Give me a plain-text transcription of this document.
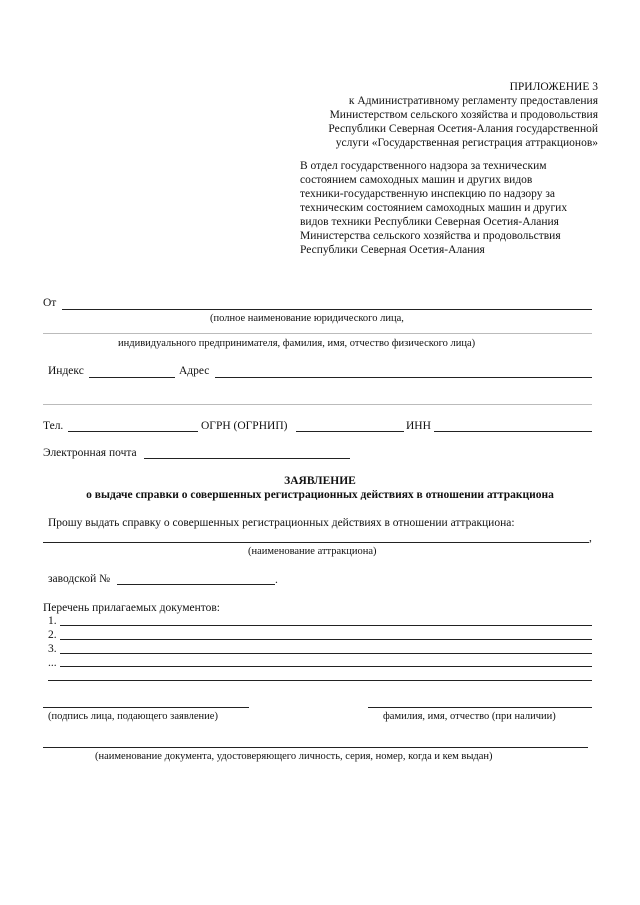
ПРИЛОЖЕНИЕ 3
к Административному регламенту предоставления
Министерством сельского хозяйства и продовольствия
Республики Северная Осетия-Алания государственной
услуги «Государственная регистрация аттракционов»
В отдел государственного надзора за техническим
состоянием самоходных машин и других видов
техники-государственную инспекцию по надзору за
техническим состоянием самоходных машин и других
видов техники Республики Северная Осетия-Алания
Министерства сельского хозяйства и продовольствия
Республики Северная Осетия-Алания
От
(полное наименование юридического лица,
индивидуального предпринимателя, фамилия, имя, отчество физического лица)
Индекс	Адрес
Тел.	ОГРН (ОГРНИП)	ИНН
Электронная почта
ЗАЯВЛЕНИЕ
о выдаче справки о совершенных регистрационных действиях в отношении аттракциона
Прошу выдать справку о совершенных регистрационных действиях в отношении аттракциона:
,
(наименование аттракциона)
заводской №	.
Перечень прилагаемых документов:
1.
2.
3.
...
(подпись лица, подающего заявление)	фамилия, имя, отчество (при наличии)
(наименование документа, удостоверяющего личность, серия, номер, когда и кем выдан)
